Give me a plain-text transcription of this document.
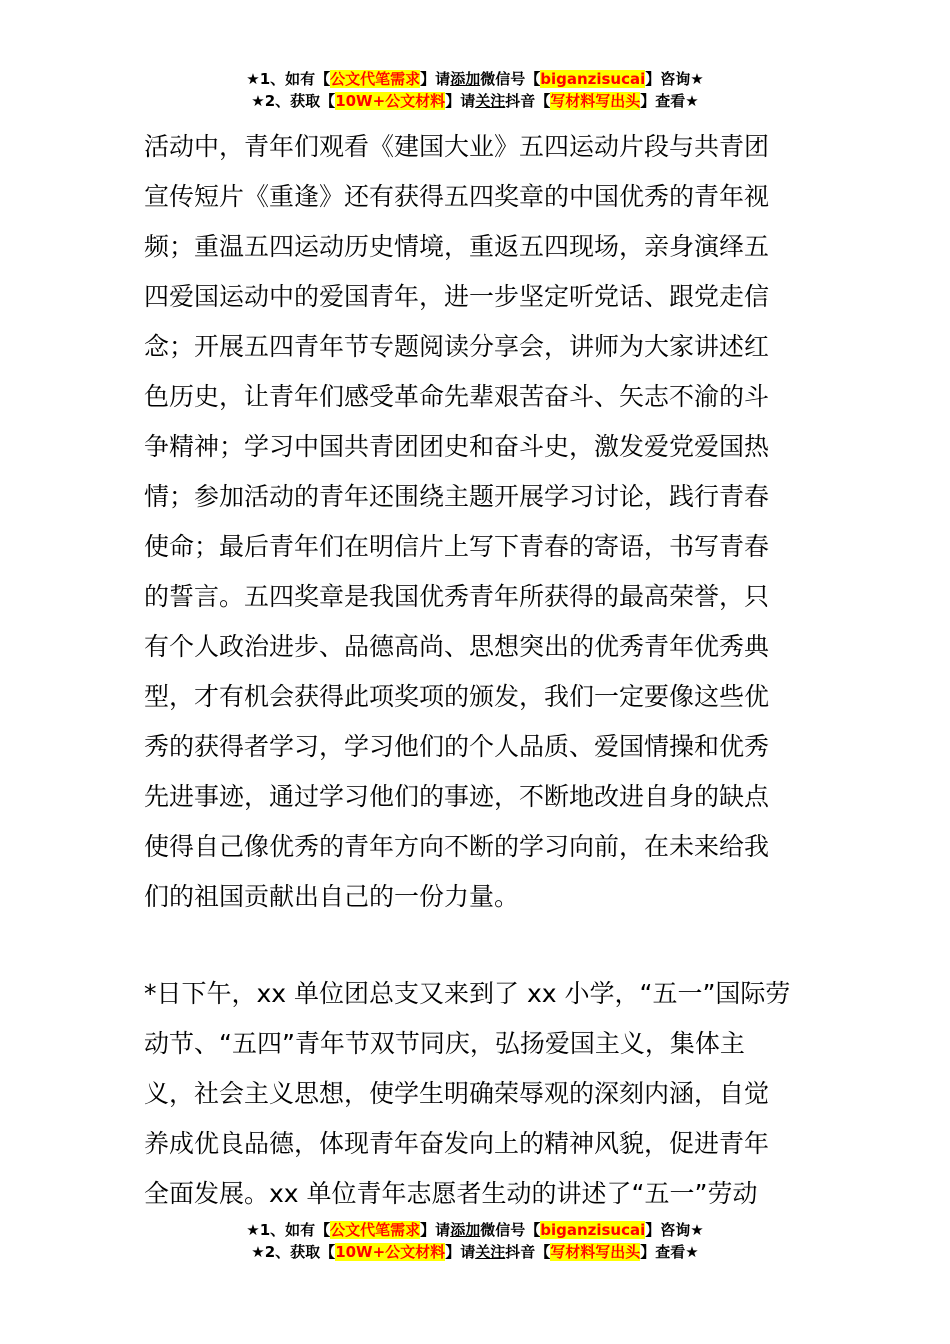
★1、如有【公文代笔需求】请添加微信号【biganzisucai】咨询★
★2、获取【10W+公文材料】请关注抖音【写材料写出头】查看★
活动中，青年们观看《建国大业》五四运动片段与共青团
宣传短片《重逢》还有获得五四奖章的中国优秀的青年视
频；重温五四运动历史情境，重返五四现场，亲身演绎五
四爱国运动中的爱国青年，进一步坚定听党话、跟党走信
念；开展五四青年节专题阅读分享会，讲师为大家讲述红
色历史，让青年们感受革命先辈艰苦奋斗、矢志不渝的斗
争精神；学习中国共青团团史和奋斗史，激发爱党爱国热
情；参加活动的青年还围绕主题开展学习讨论，践行青春
使命；最后青年们在明信片上写下青春的寄语，书写青春
的誓言。五四奖章是我国优秀青年所获得的最高荣誉，只
有个人政治进步、品德高尚、思想突出的优秀青年优秀典
型，才有机会获得此项奖项的颁发，我们一定要像这些优
秀的获得者学习，学习他们的个人品质、爱国情操和优秀
先进事迹，通过学习他们的事迹，不断地改进自身的缺点
使得自己像优秀的青年方向不断的学习向前，在未来给我
们的祖国贡献出自己的一份力量。
*日下午，xx 单位团总支又来到了 xx 小学，“五一”国际劳
动节、“五四”青年节双节同庆，弘扬爱国主义，集体主
义，社会主义思想，使学生明确荣辱观的深刻内涵，自觉
养成优良品德，体现青年奋发向上的精神风貌，促进青年
全面发展。xx 单位青年志愿者生动的讲述了“五一”劳动
★1、如有【公文代笔需求】请添加微信号【biganzisucai】咨询★
★2、获取【10W+公文材料】请关注抖音【写材料写出头】查看★
